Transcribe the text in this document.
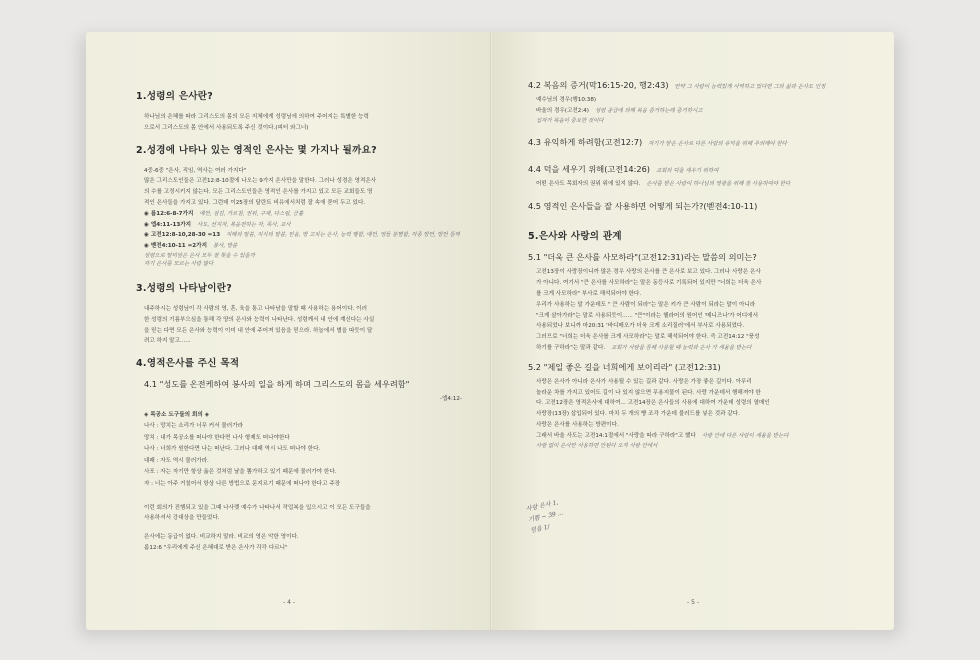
1.성령의 은사란?

하나님의 은혜를 따라 그리스도의 몸의 모든 지체에게 성령님에 의하여 주어지는 특별한 능력

으로서 그리스도의 몸 안에서 사용되도록 주신 것이다.(피터 와그너)

2.성경에 나타나 있는 영적인 은사는 몇 가지나 될까요?

4중-6중 "은사, 직임, 역사는 여러 가지다"

많은 그리스도인들은 고전12:8-10절에 나오는 9가지 은사만을 말한다. 그러나 성경은 영적은사

의 수를 고정시키지 않는다. 모든 그리스도인들은 영적인 은사를 가지고 있고 모든 교회들도 영

적인 은사들을 가지고 있다. 그런데 이25장의 달란트 비유에서처럼 잘 속에 묻어 두고 있다.

◉ 롬12:6-8-7가지 예언, 섬김, 가르침, 권위, 구제, 다스림, 긍휼

◉ 엡4:11-13가지 사도, 선지자, 복음전하는 자, 목사, 교사

◉ 고전12:8-10,28-30 =13 지혜의 말씀, 지식의 말씀, 믿음, 병 고치는 은사, 능력 행함, 예언, 영들 분별함, 각종 방언, 방언 통역

◉ 벧전4:10-11 =2가지 봉사, 말씀
성령으로 말미암은 은사 모두 잘 찾을 수 있을까
자기 은사를 모르는 사람 많다
3.성령의 나타남이란?

내주하시는 성령님이 각 사람의 영, 혼, 육을 통고 나타남을 말할 때 사용하는 용어이다. 이러

한 성령의 기름부으심을 통해 각 양의 은사와 능력이 나타난다. 성령께서 내 안에 계신다는 사실

을 믿는 다면 모든 은사와 능력이 이미 내 안에 주어져 있음을 믿으라. 하늘에서 별을 따듯이 달

려고 하지 말고......

4.영적은사를 주신 목적
4.1 "성도를 온전케하여 봉사의 일을 하게 하며 그리스도의 몸을 세우려함"
-엡4:12-

◈ 목공소 도구들의 회의 ◈

나사 : 망치는 소리가 너무 커서 물러가라

망치 : 내가 목공소를 떠나야 한다면 나사 형제도 떠나야한다

나사 : 너희가 원한다면 나는 떠난다. 그러나 대패 역시 나도 떠나야 한다.

대패 : 자도 역시 물러가라.

사포 : 자는 자기만 항상 옳은 것처럼 날을 뽐가하고 있기 때문에 물러가야 한다.

자 : 너는 아주 거칠어서 항상 나른 방법으로 문지르기 때문에 떠나야 한다고 주장

이런 회의가 진행되고 있을 그때 나사렛 예수가 나타나서 작업복을 입으시고 이 모든 도구들을

사용하셔서 강대상을 만들었다.

은사에는 동급이 없다. 비교하지 말라. 비교의 영은 악한 영이다.

롬12:6 "우리에게 주신 은혜대로 받은 은사가 각각 다르니"

- 4 -
4.2 복음의 증거(막16:15-20, 행2:43) 만약 그 사람이 능력있게 사역하고 있다면 그의 삶과 은사도 인정

예수님의 경우(행10:38)

바울의 경우(고전2:4) 성령 공급에 의해 복음 증거하는데 증거하시고
십자가 복음이 중요한 것이다
4.3 유익하게 하려함(고전12:7) 자기가 받은 은사로 다른 사람의 유익을 위해 주의해야 한다
4.4 덕을 세우기 위해(고전14:26) 교회의 덕을 세우기 위하여

어떤 은사도 목회자의 권위 위에 있지 않다. 은사를 받은 사람이 하나님의 영광을 위해 잘 사용하여야 한다
4.5 영적인 은사들을 잘 사용하면 어떻게 되는가?(벧전4:10-11)
5.은사와 사랑의 관계
5.1 "더욱 큰 은사를 사모하라"(고전12:31)라는 말씀의 의미는?

고전13장이 사랑장이니까 많은 경우 사랑의 은사를 큰 은사로 보고 있다. 그러나 사랑은 은사

가 아니다. 여기서 "큰 은사를 사모하라"는 말은 동등사로 기록되어 있지만 "너희는 더욱 은사

를 크게 사모하라" 부사로 해석되어야 한다.

우리가 사용하는 말 가운데도 " 큰 사람이 되라"는 말은 키가 큰 사람이 되라는 말이 아니라

"크게 살아가라"는 말로 사용되듯이...... "큰"이라는 헬라어의 원어인 '메니즈나'가 어디에서

사용되었나 보니까 마20:31 '바디메오가 더욱 크게 소리질러'에서 부사로 사용되었다.

그러므로 "너희는 더욱 은사를 크게 사모하라"는 말로 해석되어야 한다. 즉 고전14:12 "풍성

하기를 구하라"는 말과 같다. 교회가 사랑을 통해 사용할 때 능력과 은사 가 세움을 받는다
5.2 "제일 좋은 길을 너희에게 보이리라" (고전12:31)

사랑은 은사가 아니라 은사가 사용될 수 있는 길과 같다. 사랑은 가장 좋은 길이다. 아무리

놀라운 차를 가지고 있어도 길이 나 있지 않으면 무용지물이 된다. 사랑 가운데서 행해져야 한

다. 고전12장은 영적은사에 대하여... 고전14장은 은사들의 사용에 대하여 가운데 성령의 열매인

사랑장(13장) 삽입되어 있다. 마치 두 개의 빵 조각 가운데 불러드를 넣은 것과 같다.

사랑은 은사를 사용하는 방편이다.

그래서 바울 사도는 고전14:1절에서 "사랑을 따라 구하라"고 했다 사랑 안에 다른 사람이 세움을 받는다
사랑 없이 은사만 사용하면 안된다 오직 사랑 안에서
사랑 은사 1,
기쁨 ~ 39 ...
믿음 1/
- 5 -
